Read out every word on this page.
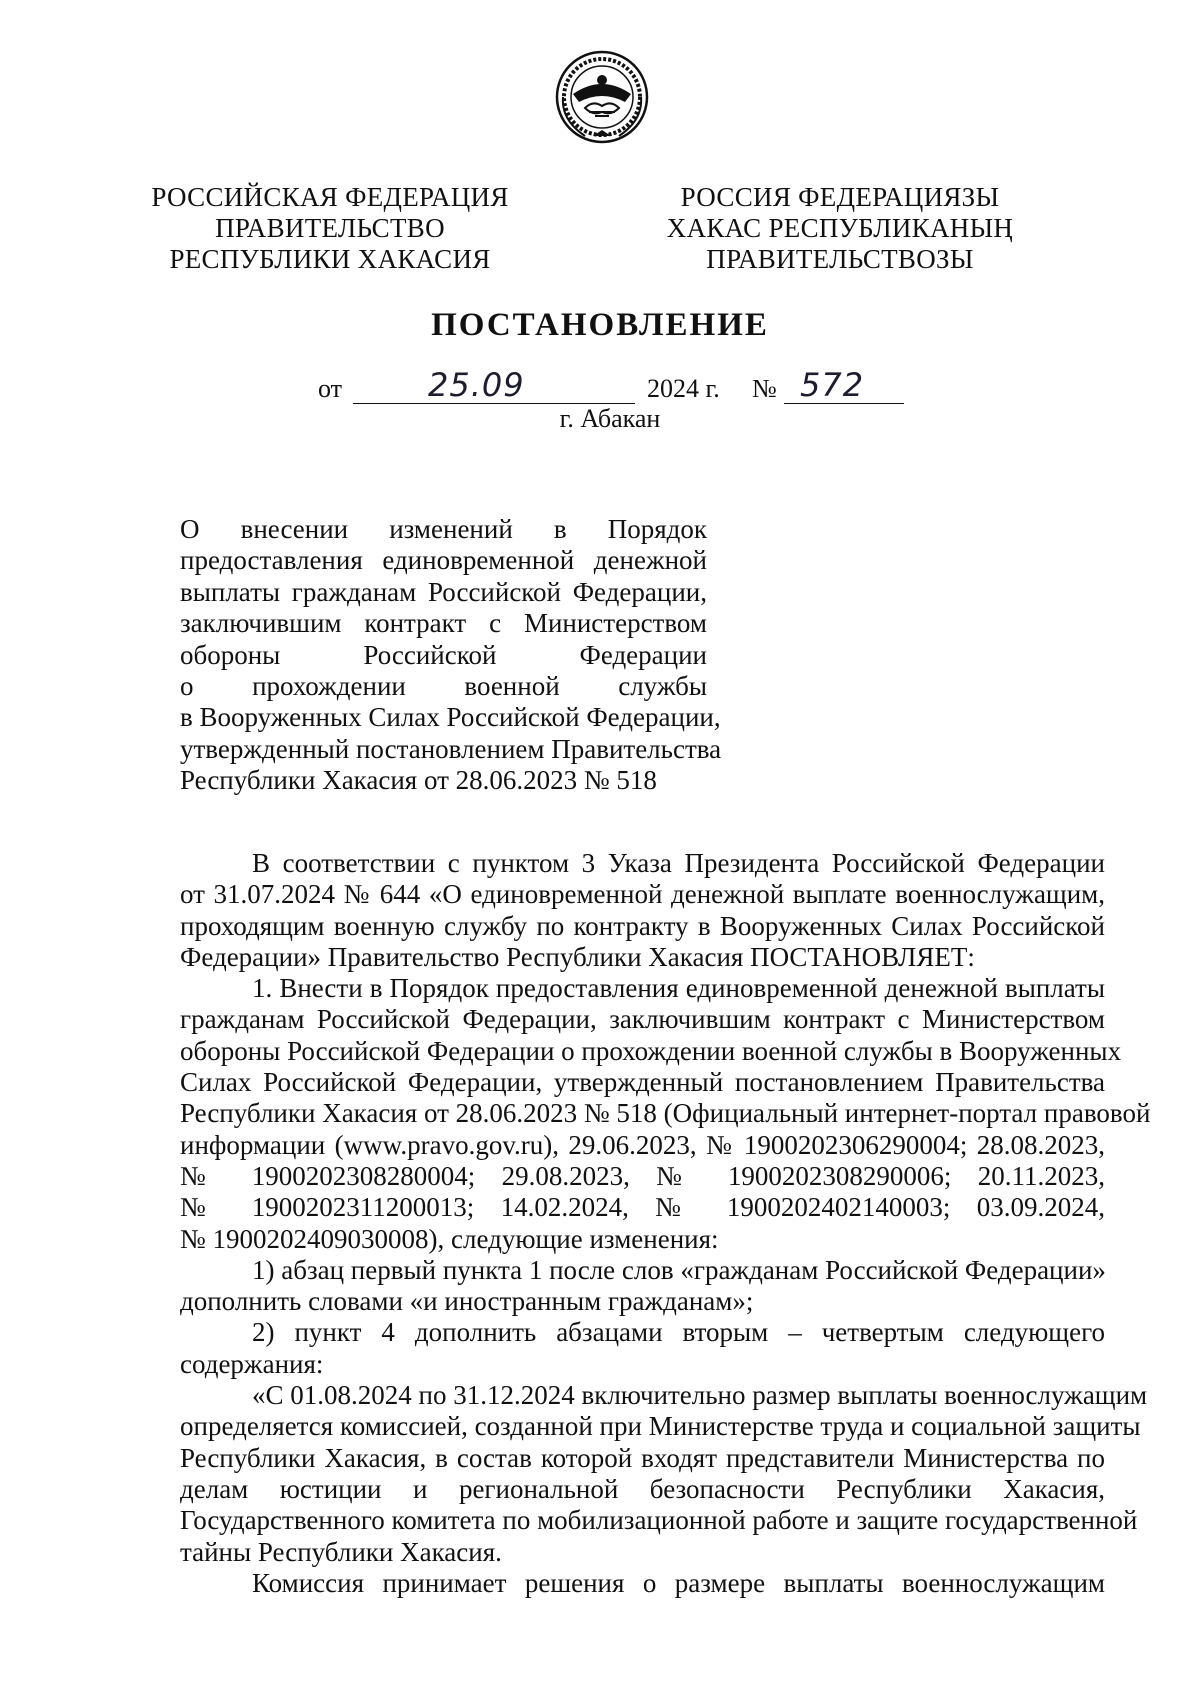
РОССИЙСКАЯ ФЕДЕРАЦИЯ
ПРАВИТЕЛЬСТВО
РЕСПУБЛИКИ ХАКАСИЯ
РОССИЯ ФЕДЕРАЦИЯЗЫ
ХАКАС РЕСПУБЛИКАНЫҢ
ПРАВИТЕЛЬСТВОЗЫ
ПОСТАНОВЛЕНИЕ
от	25.09	2024 г. № 572
г. Абакан
О внесении изменений в Порядок
предоставления единовременной денежной
выплаты гражданам Российской Федерации,
заключившим контракт с Министерством
обороны Российской Федерации
о прохождении военной службы
в Вооруженных Силах Российской Федерации,
утвержденный постановлением Правительства
Республики Хакасия от 28.06.2023 № 518
В соответствии с пунктом 3 Указа Президента Российской Федерации
от 31.07.2024 № 644 «О единовременной денежной выплате военнослужащим,
проходящим военную службу по контракту в Вооруженных Силах Российской
Федерации» Правительство Республики Хакасия ПОСТАНОВЛЯЕТ:
1. Внести в Порядок предоставления единовременной денежной выплаты
гражданам Российской Федерации, заключившим контракт с Министерством
обороны Российской Федерации о прохождении военной службы в Вооруженных
Силах Российской Федерации, утвержденный постановлением Правительства
Республики Хакасия от 28.06.2023 № 518 (Официальный интернет-портал правовой
информации (www.pravo.gov.ru), 29.06.2023, № 1900202306290004; 28.08.2023,
№ 1900202308280004; 29.08.2023, № 1900202308290006; 20.11.2023,
№ 1900202311200013; 14.02.2024, № 1900202402140003; 03.09.2024,
№ 1900202409030008), следующие изменения:
1) абзац первый пункта 1 после слов «гражданам Российской Федерации»
дополнить словами «и иностранным гражданам»;
2) пункт 4 дополнить абзацами вторым – четвертым следующего
содержания:
«С 01.08.2024 по 31.12.2024 включительно размер выплаты военнослужащим
определяется комиссией, созданной при Министерстве труда и социальной защиты
Республики Хакасия, в состав которой входят представители Министерства по
делам юстиции и региональной безопасности Республики Хакасия,
Государственного комитета по мобилизационной работе и защите государственной
тайны Республики Хакасия.
Комиссия принимает решения о размере выплаты военнослужащим
